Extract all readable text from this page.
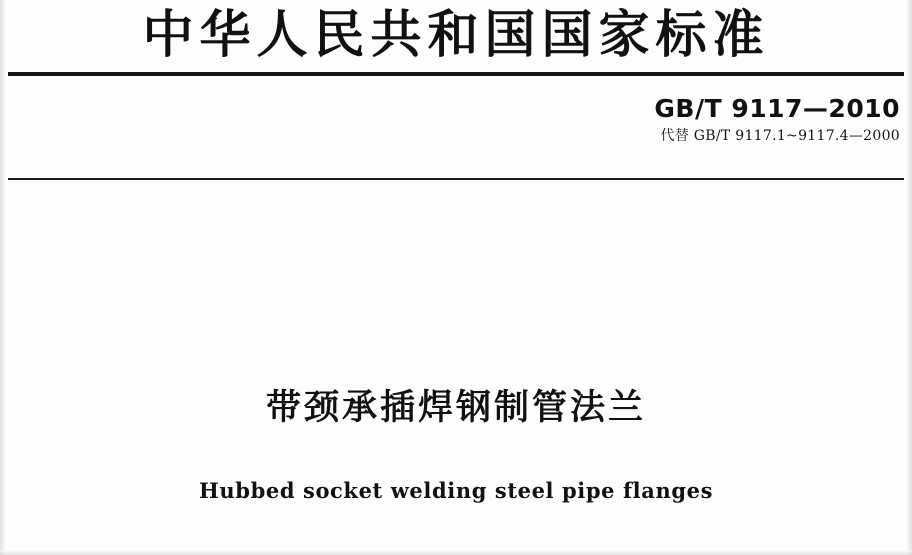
中华人民共和国国家标准
GB/T 9117—2010
代替 GB/T 9117.1~9117.4—2000
带颈承插焊钢制管法兰
Hubbed socket welding steel pipe flanges
